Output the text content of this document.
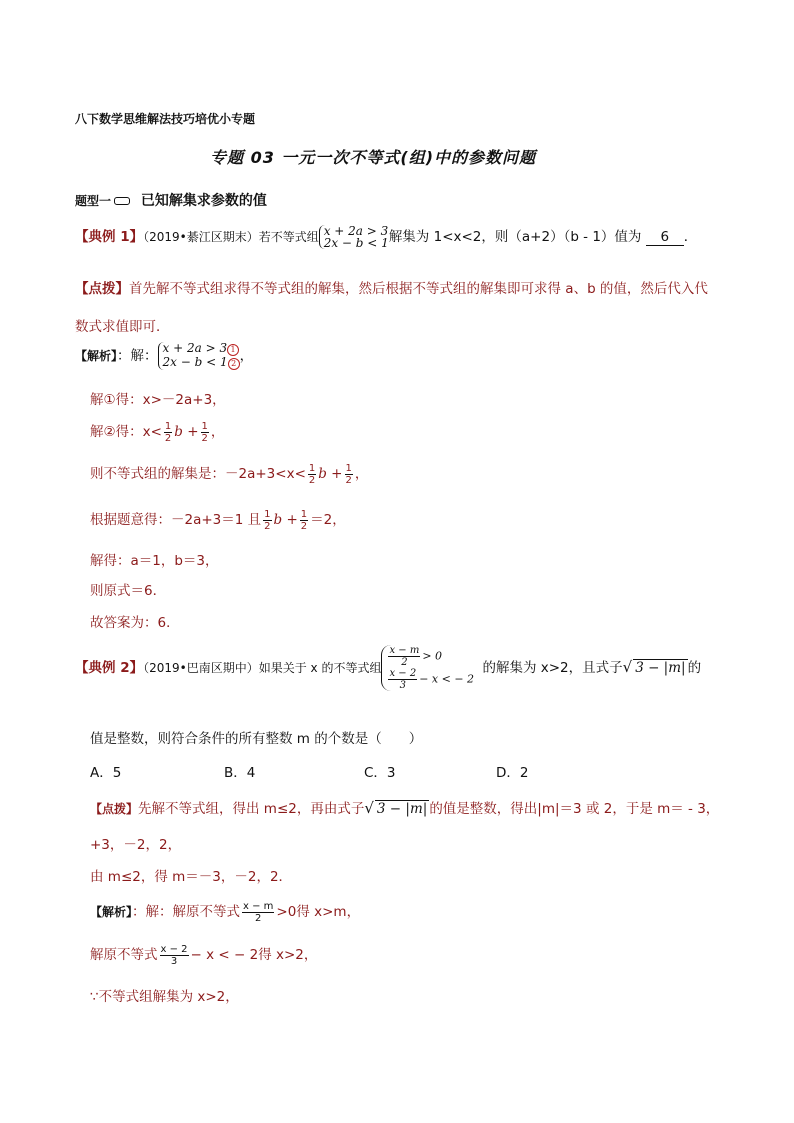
八下数学思维解法技巧培优小专题
专题 03 一元一次不等式(组)中的参数问题
题型一 已知解集求参数的值
【典例 1】（2019•綦江区期末）若不等式组 x + 2a > 3
2x − b < 1 解集为 1<x<2，则（a+2）（b - 1）值为 6 ．
【点拨】首先解不等式组求得不等式组的解集，然后根据不等式组的解集即可求得 a、b 的值，然后代入代
数式求值即可．
【解析】：解： x + 2a > 3 1
2x − b < 1 2 ，
解①得：x>－2a+3，
解②得：$x< \frac{1}{2}$ $b + \frac{1}{2}$ ，
则不等式组的解集是：$-2a+3<x< \frac{1}{2}$ $b + \frac{1}{2}$ ，
根据题意得：－2a+3＝1 且 $\frac{1}{2}$ $b + \frac{1}{2} =2$，
解得：a＝1，b＝3，
则原式＝6．
故答案为：6．
【典例 2】（2019•巴南区期中）如果关于 x 的不等式组 $\frac{x - m}{2} > 0$
$\frac{x - 2}{3} - x$ < − 2
的解集为 x>2，且式子√ 3 − |m| 的
值是整数，则符合条件的所有整数 m 的个数是（　　）
A．5	B．4	C．3	D．2
【点拨】先解不等式组，得出 m≤2，再由式子√ 3 − |m| 的值是整数，得出|m|＝3 或 2，于是 m＝ - 3，
+3，－2，2，
由 m≤2，得 m＝－3，－2，2．
【解析】：解：解原不等式 $\frac{x - m}{2} >0$得 x>m，
解原不等式 $\frac{x - 2}{3} - x$ < − 2得 x>2，
∵不等式组解集为 x>2，
